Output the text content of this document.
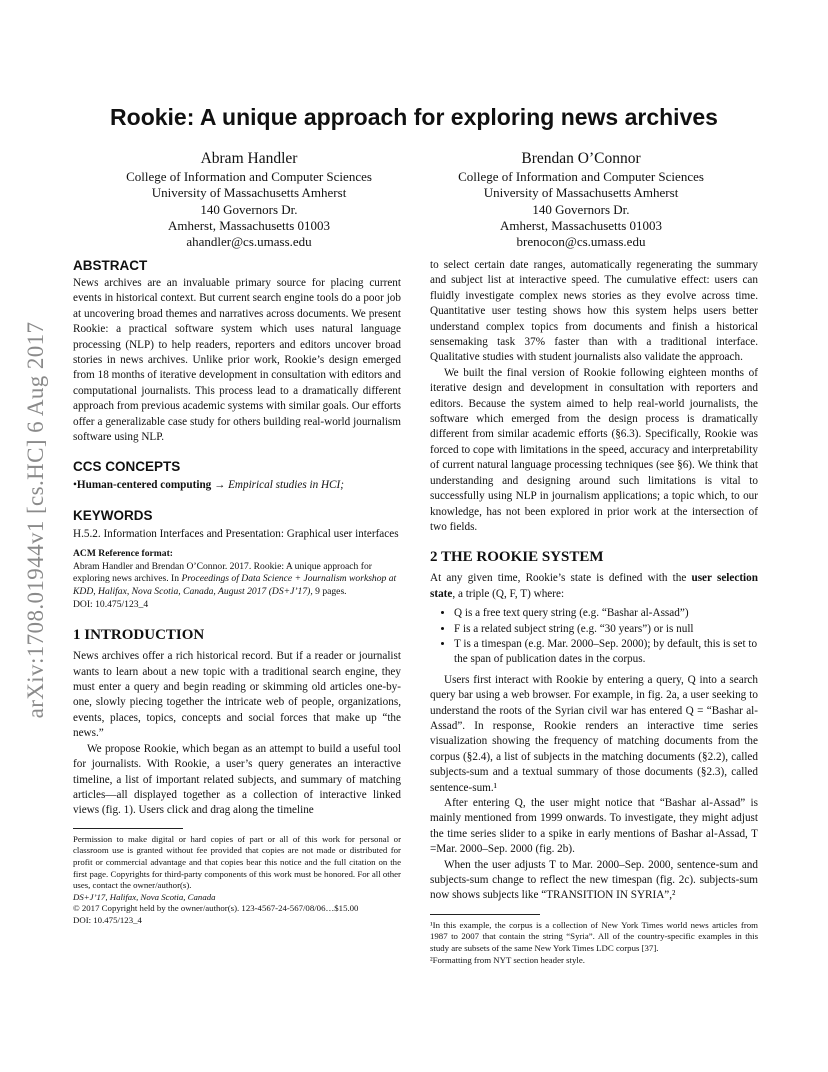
arXiv:1708.01944v1 [cs.HC] 6 Aug 2017
Rookie: A unique approach for exploring news archives
Abram Handler
College of Information and Computer Sciences
University of Massachusetts Amherst
140 Governors Dr.
Amherst, Massachusetts 01003
ahandler@cs.umass.edu
Brendan O’Connor
College of Information and Computer Sciences
University of Massachusetts Amherst
140 Governors Dr.
Amherst, Massachusetts 01003
brenocon@cs.umass.edu
ABSTRACT

News archives are an invaluable primary source for placing current events in historical context. But current search engine tools do a poor job at uncovering broad themes and narratives across documents. We present Rookie: a practical software system which uses natural language processing (NLP) to help readers, reporters and editors uncover broad stories in news archives. Unlike prior work, Rookie’s design emerged from 18 months of iterative development in consultation with editors and computational journalists. This process lead to a dramatically different approach from previous academic systems with similar goals. Our efforts offer a generalizable case study for others building real-world journalism software using NLP.

CCS CONCEPTS

•Human-centered computing → Empirical studies in HCI;

KEYWORDS

H.5.2. Information Interfaces and Presentation: Graphical user interfaces

ACM Reference format:

Abram Handler and Brendan O’Connor. 2017. Rookie: A unique approach for exploring news archives. In Proceedings of Data Science + Journalism workshop at KDD, Halifax, Nova Scotia, Canada, August 2017 (DS+J’17), 9 pages.

DOI: 10.475/123_4

1 INTRODUCTION

News archives offer a rich historical record. But if a reader or journalist wants to learn about a new topic with a traditional search engine, they must enter a query and begin reading or skimming old articles one-by-one, slowly piecing together the intricate web of people, organizations, events, places, topics, concepts and social forces that make up “the news.”

We propose Rookie, which began as an attempt to build a useful tool for journalists. With Rookie, a user’s query generates an interactive timeline, a list of important related subjects, and summary of matching articles—all displayed together as a collection of interactive linked views (fig. 1). Users click and drag along the timeline

Permission to make digital or hard copies of part or all of this work for personal or classroom use is granted without fee provided that copies are not made or distributed for profit or commercial advantage and that copies bear this notice and the full citation on the first page. Copyrights for third-party components of this work must be honored. For all other uses, contact the owner/author(s).

DS+J’17, Halifax, Nova Scotia, Canada

© 2017 Copyright held by the owner/author(s). 123-4567-24-567/08/06…$15.00

DOI: 10.475/123_4

to select certain date ranges, automatically regenerating the summary and subject list at interactive speed. The cumulative effect: users can fluidly investigate complex news stories as they evolve across time. Quantitative user testing shows how this system helps users better understand complex topics from documents and finish a historical sensemaking task 37% faster than with a traditional interface. Qualitative studies with student journalists also validate the approach.

We built the final version of Rookie following eighteen months of iterative design and development in consultation with reporters and editors. Because the system aimed to help real-world journalists, the software which emerged from the design process is dramatically different from similar academic efforts (§6.3). Specifically, Rookie was forced to cope with limitations in the speed, accuracy and interpretability of current natural language processing techniques (see §6). We think that understanding and designing around such limitations is vital to successfully using NLP in journalism applications; a topic which, to our knowledge, has not been explored in prior work at the intersection of two fields.

2 THE ROOKIE SYSTEM

At any given time, Rookie’s state is defined with the user selection state, a triple (Q, F, T) where:

• Q is a free text query string (e.g. “Bashar al-Assad”)
• F is a related subject string (e.g. “30 years”) or is null
• T is a timespan (e.g. Mar. 2000–Sep. 2000); by default, this is set to the span of publication dates in the corpus.

Users first interact with Rookie by entering a query, Q into a search query bar using a web browser. For example, in fig. 2a, a user seeking to understand the roots of the Syrian civil war has entered Q = “Bashar al-Assad”. In response, Rookie renders an interactive time series visualization showing the frequency of matching documents from the corpus (§2.4), a list of subjects in the matching documents (§2.2), called subjects-sum and a textual summary of those documents (§2.3), called sentence-sum.¹

After entering Q, the user might notice that “Bashar al-Assad” is mainly mentioned from 1999 onwards. To investigate, they might adjust the time series slider to a spike in early mentions of Bashar al-Assad, T =Mar. 2000–Sep. 2000 (fig. 2b).

When the user adjusts T to Mar. 2000–Sep. 2000, sentence-sum and subjects-sum change to reflect the new timespan (fig. 2c). subjects-sum now shows subjects like “TRANSITION IN SYRIA”,²

¹In this example, the corpus is a collection of New York Times world news articles from 1987 to 2007 that contain the string “Syria”. All of the country-specific examples in this study are subsets of the same New York Times LDC corpus [37].

²Formatting from NYT section header style.
